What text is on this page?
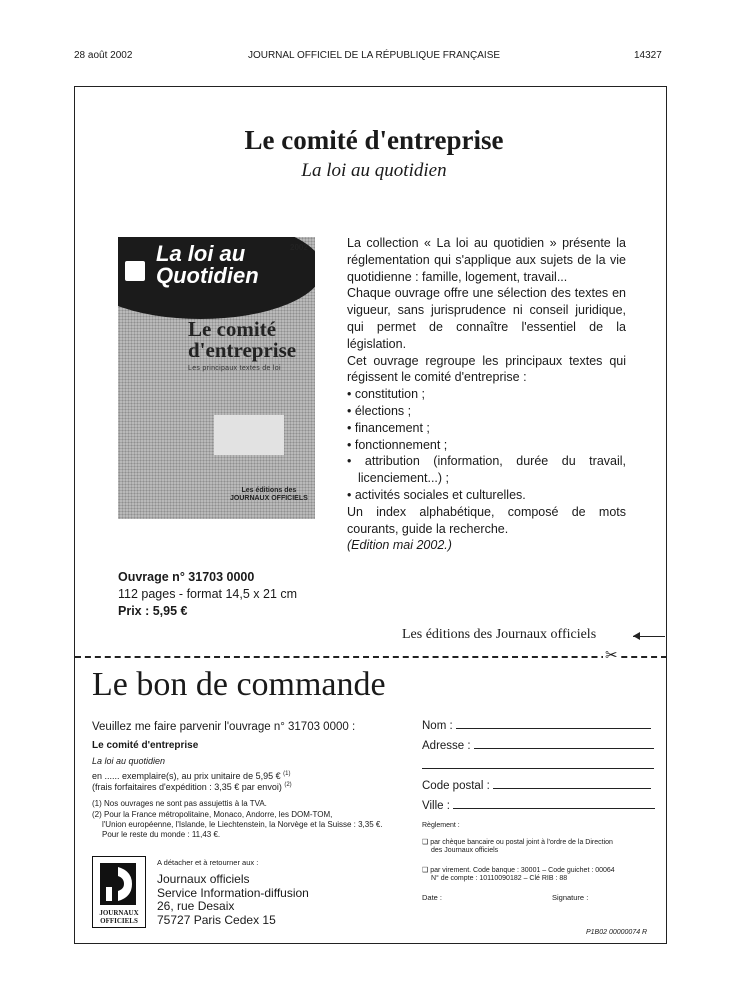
28 août 2002	JOURNAL OFFICIEL DE LA RÉPUBLIQUE FRANÇAISE	14327
Le comité d'entreprise
La loi au quotidien
La loi au Quotidien
2002
Le comité d'entreprise
Les principaux textes de loi
Les éditions des
JOURNAUX OFFICIELS

La collection « La loi au quotidien » présente la réglementation qui s'applique aux sujets de la vie quotidienne : famille, logement, travail...

Chaque ouvrage offre une sélection des textes en vigueur, sans jurisprudence ni conseil juridique, qui permet de connaître l'essentiel de la législation.

Cet ouvrage regroupe les principaux textes qui régissent le comité d'entreprise :

• constitution ;
• élections ;
• financement ;
• fonctionnement ;
• attribution (information, durée du travail, licenciement...) ;
• activités sociales et culturelles.

Un index alphabétique, composé de mots courants, guide la recherche.

(Edition mai 2002.)

Ouvrage n° 31703 0000
112 pages - format 14,5 x 21 cm
Prix : 5,95 €
Les éditions des Journaux officiels
✂
Le bon de commande
Veuillez me faire parvenir l'ouvrage n° 31703 0000 :
Le comité d'entreprise
La loi au quotidien
en ...... exemplaire(s), au prix unitaire de 5,95 € $^{(1)}$
(frais forfaitaires d'expédition : 3,35 € par envoi) $^{(2)}$
(1) Nos ouvrages ne sont pas assujettis à la TVA.
(2) Pour la France métropolitaine, Monaco, Andorre, les DOM-TOM,
l'Union européenne, l'Islande, le Liechtenstein, la Norvège et la Suisse : 3,35 €.
Pour le reste du monde : 11,43 €.
JOURNAUX
OFFICIELS
A détacher et à retourner aux :
Journaux officiels
Service Information-diffusion
26, rue Desaix
75727 Paris Cedex 15
Nom :
Adresse :
Code postal :
Ville :
Règlement :
❑ par chèque bancaire ou postal joint à l'ordre de la Direction
des Journaux officiels
❑ par virement. Code banque : 30001 – Code guichet : 00064
N° de compte : 10110090182 – Clé RIB : 88
Date :	Signature :
P1B02 00000074 R
